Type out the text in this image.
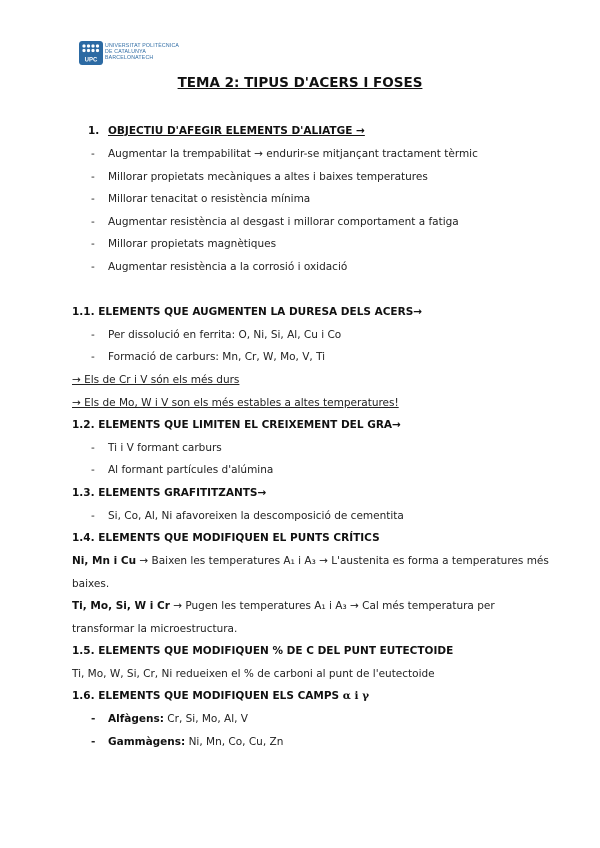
UPC
UNIVERSITAT POLITÈCNICA
DE CATALUNYA
BARCELONATECH
TEMA 2: TIPUS D'ACERS I FOSES
1. OBJECTIU D'AFEGIR ELEMENTS D'ALIATGE →
- Augmentar la trempabilitat → endurir-se mitjançant tractament tèrmic
- Millorar propietats mecàniques a altes i baixes temperatures
- Millorar tenacitat o resistència mínima
- Augmentar resistència al desgast i millorar comportament a fatiga
- Millorar propietats magnètiques
- Augmentar resistència a la corrosió i oxidació
1.1. ELEMENTS QUE AUGMENTEN LA DURESA DELS ACERS→
- Per dissolució en ferrita: O, Ni, Si, Al, Cu i Co
- Formació de carburs: Mn, Cr, W, Mo, V, Ti
→ Els de Cr i V són els més durs
→ Els de Mo, W i V son els més estables a altes temperatures!
1.2. ELEMENTS QUE LIMITEN EL CREIXEMENT DEL GRA→
- Ti i V formant carburs
- Al formant partícules d'alúmina
1.3. ELEMENTS GRAFITITZANTS→
- Si, Co, Al, Ni afavoreixen la descomposició de cementita
1.4. ELEMENTS QUE MODIFIQUEN EL PUNTS CRÍTICS
Ni, Mn i Cu → Baixen les temperatures A₁ i A₃ → L'austenita es forma a temperatures més
baixes.
Ti, Mo, Si, W i Cr → Pugen les temperatures A₁ i A₃ → Cal més temperatura per
transformar la microestructura.
1.5. ELEMENTS QUE MODIFIQUEN % DE C DEL PUNT EUTECTOIDE
Ti, Mo, W, Si, Cr, Ni redueixen el % de carboni al punt de l'eutectoide
1.6. ELEMENTS QUE MODIFIQUEN ELS CAMPS α i γ
- Alfàgens: Cr, Si, Mo, Al, V
- Gammàgens: Ni, Mn, Co, Cu, Zn
